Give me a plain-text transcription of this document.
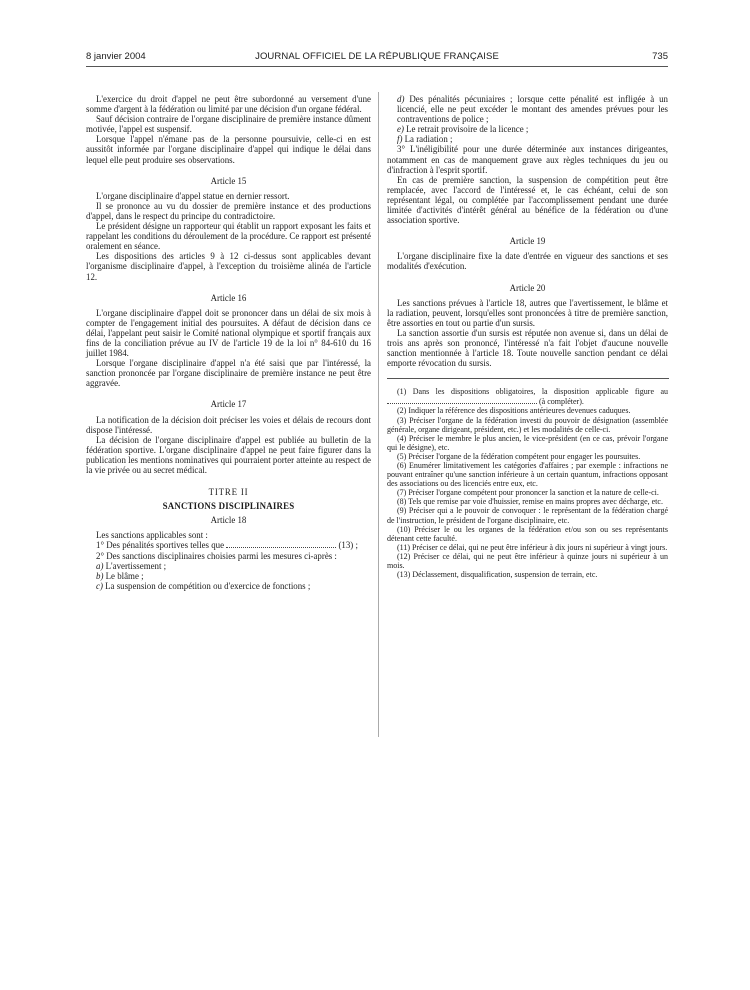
8 janvier 2004	JOURNAL OFFICIEL DE LA RÉPUBLIQUE FRANÇAISE	735

L'exercice du droit d'appel ne peut être subordonné au versement d'une somme d'argent à la fédération ou limité par une décision d'un organe fédéral.

Sauf décision contraire de l'organe disciplinaire de première instance dûment motivée, l'appel est suspensif.

Lorsque l'appel n'émane pas de la personne poursuivie, celle-ci en est aussitôt informée par l'organe disciplinaire d'appel qui indique le délai dans lequel elle peut produire ses observations.

Article 15

L'organe disciplinaire d'appel statue en dernier ressort.

Il se prononce au vu du dossier de première instance et des productions d'appel, dans le respect du principe du contradictoire.

Le président désigne un rapporteur qui établit un rapport exposant les faits et rappelant les conditions du déroulement de la procédure. Ce rapport est présenté oralement en séance.

Les dispositions des articles 9 à 12 ci-dessus sont applicables devant l'organisme disciplinaire d'appel, à l'exception du troisième alinéa de l'article 12.

Article 16

L'organe disciplinaire d'appel doit se prononcer dans un délai de six mois à compter de l'engagement initial des poursuites. A défaut de décision dans ce délai, l'appelant peut saisir le Comité national olympique et sportif français aux fins de la conciliation prévue au IV de l'article 19 de la loi n° 84-610 du 16 juillet 1984.

Lorsque l'organe disciplinaire d'appel n'a été saisi que par l'intéressé, la sanction prononcée par l'organe disciplinaire de première instance ne peut être aggravée.

Article 17

La notification de la décision doit préciser les voies et délais de recours dont dispose l'intéressé.

La décision de l'organe disciplinaire d'appel est publiée au bulletin de la fédération sportive. L'organe disciplinaire d'appel ne peut faire figurer dans la publication les mentions nominatives qui pourraient porter atteinte au respect de la vie privée ou au secret médical.

TITRE II

SANCTIONS DISCIPLINAIRES

Article 18

Les sanctions applicables sont :

1° Des pénalités sportives telles que	(13) ;

2° Des sanctions disciplinaires choisies parmi les mesures ci-après :

a) L'avertissement ;

b) Le blâme ;

c) La suspension de compétition ou d'exercice de fonctions ;

d) Des pénalités pécuniaires ; lorsque cette pénalité est infligée à un licencié, elle ne peut excéder le montant des amendes prévues pour les contraventions de police ;

e) Le retrait provisoire de la licence ;

f) La radiation ;

3° L'inéligibilité pour une durée déterminée aux instances dirigeantes, notamment en cas de manquement grave aux règles techniques du jeu ou d'infraction à l'esprit sportif.

En cas de première sanction, la suspension de compétition peut être remplacée, avec l'accord de l'intéressé et, le cas échéant, celui de son représentant légal, ou complétée par l'accomplissement pendant une durée limitée d'activités d'intérêt général au bénéfice de la fédération ou d'une association sportive.

Article 19

L'organe disciplinaire fixe la date d'entrée en vigueur des sanctions et ses modalités d'exécution.

Article 20

Les sanctions prévues à l'article 18, autres que l'avertissement, le blâme et la radiation, peuvent, lorsqu'elles sont prononcées à titre de première sanction, être assorties en tout ou partie d'un sursis.

La sanction assortie d'un sursis est réputée non avenue si, dans un délai de trois ans après son prononcé, l'intéressé n'a fait l'objet d'aucune nouvelle sanction mentionnée à l'article 18. Toute nouvelle sanction pendant ce délai emporte révocation du sursis.

(1) Dans les dispositions obligatoires, la disposition applicable figure au  (à compléter).

(2) Indiquer la référence des dispositions antérieures devenues caduques.

(3) Préciser l'organe de la fédération investi du pouvoir de désignation (assemblée générale, organe dirigeant, président, etc.) et les modalités de celle-ci.

(4) Préciser le membre le plus ancien, le vice-président (en ce cas, prévoir l'organe qui le désigne), etc.

(5) Préciser l'organe de la fédération compétent pour engager les poursuites.

(6) Enumérer limitativement les catégories d'affaires ; par exemple : infractions ne pouvant entraîner qu'une sanction inférieure à un certain quantum, infractions opposant des associations ou des licenciés entre eux, etc.

(7) Préciser l'organe compétent pour prononcer la sanction et la nature de celle-ci.

(8) Tels que remise par voie d'huissier, remise en mains propres avec décharge, etc.

(9) Préciser qui a le pouvoir de convoquer : le représentant de la fédération chargé de l'instruction, le président de l'organe disciplinaire, etc.

(10) Préciser le ou les organes de la fédération et/ou son ou ses représentants détenant cette faculté.

(11) Préciser ce délai, qui ne peut être inférieur à dix jours ni supérieur à vingt jours.

(12) Préciser ce délai, qui ne peut être inférieur à quinze jours ni supérieur à un mois.

(13) Déclassement, disqualification, suspension de terrain, etc.
